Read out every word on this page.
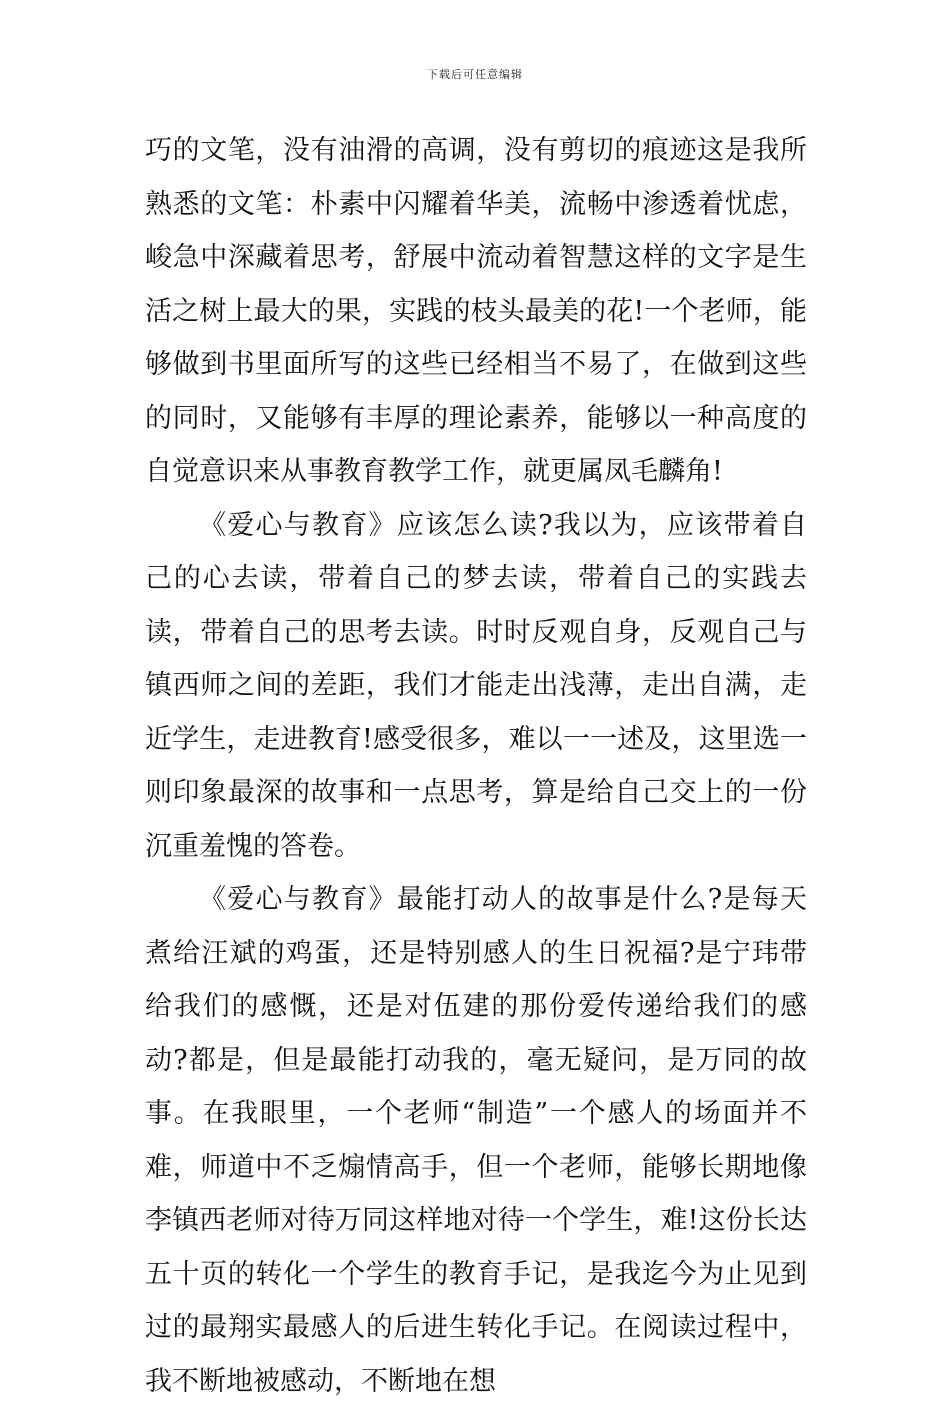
下载后可任意编辑

巧的文笔，没有油滑的高调，没有剪切的痕迹这是我所熟悉的文笔：朴素中闪耀着华美，流畅中渗透着忧虑，峻急中深藏着思考，舒展中流动着智慧这样的文字是生活之树上最大的果，实践的枝头最美的花!一个老师，能够做到书里面所写的这些已经相当不易了，在做到这些的同时，又能够有丰厚的理论素养，能够以一种高度的自觉意识来从事教育教学工作，就更属凤毛麟角!

《爱心与教育》应该怎么读?我以为，应该带着自己的心去读，带着自己的梦去读，带着自己的实践去读，带着自己的思考去读。时时反观自身，反观自己与镇西师之间的差距，我们才能走出浅薄，走出自满，走近学生，走进教育!感受很多，难以一一述及，这里选一则印象最深的故事和一点思考，算是给自己交上的一份沉重羞愧的答卷。

《爱心与教育》最能打动人的故事是什么?是每天煮给汪斌的鸡蛋，还是特别感人的生日祝福?是宁玮带给我们的感慨，还是对伍建的那份爱传递给我们的感动?都是，但是最能打动我的，毫无疑问，是万同的故事。在我眼里，一个老师“制造”一个感人的场面并不难，师道中不乏煽情高手，但一个老师，能够长期地像李镇西老师对待万同这样地对待一个学生，难!这份长达五十页的转化一个学生的教育手记，是我迄今为止见到过的最翔实最感人的后进生转化手记。在阅读过程中，我不断地被感动，不断地在想
